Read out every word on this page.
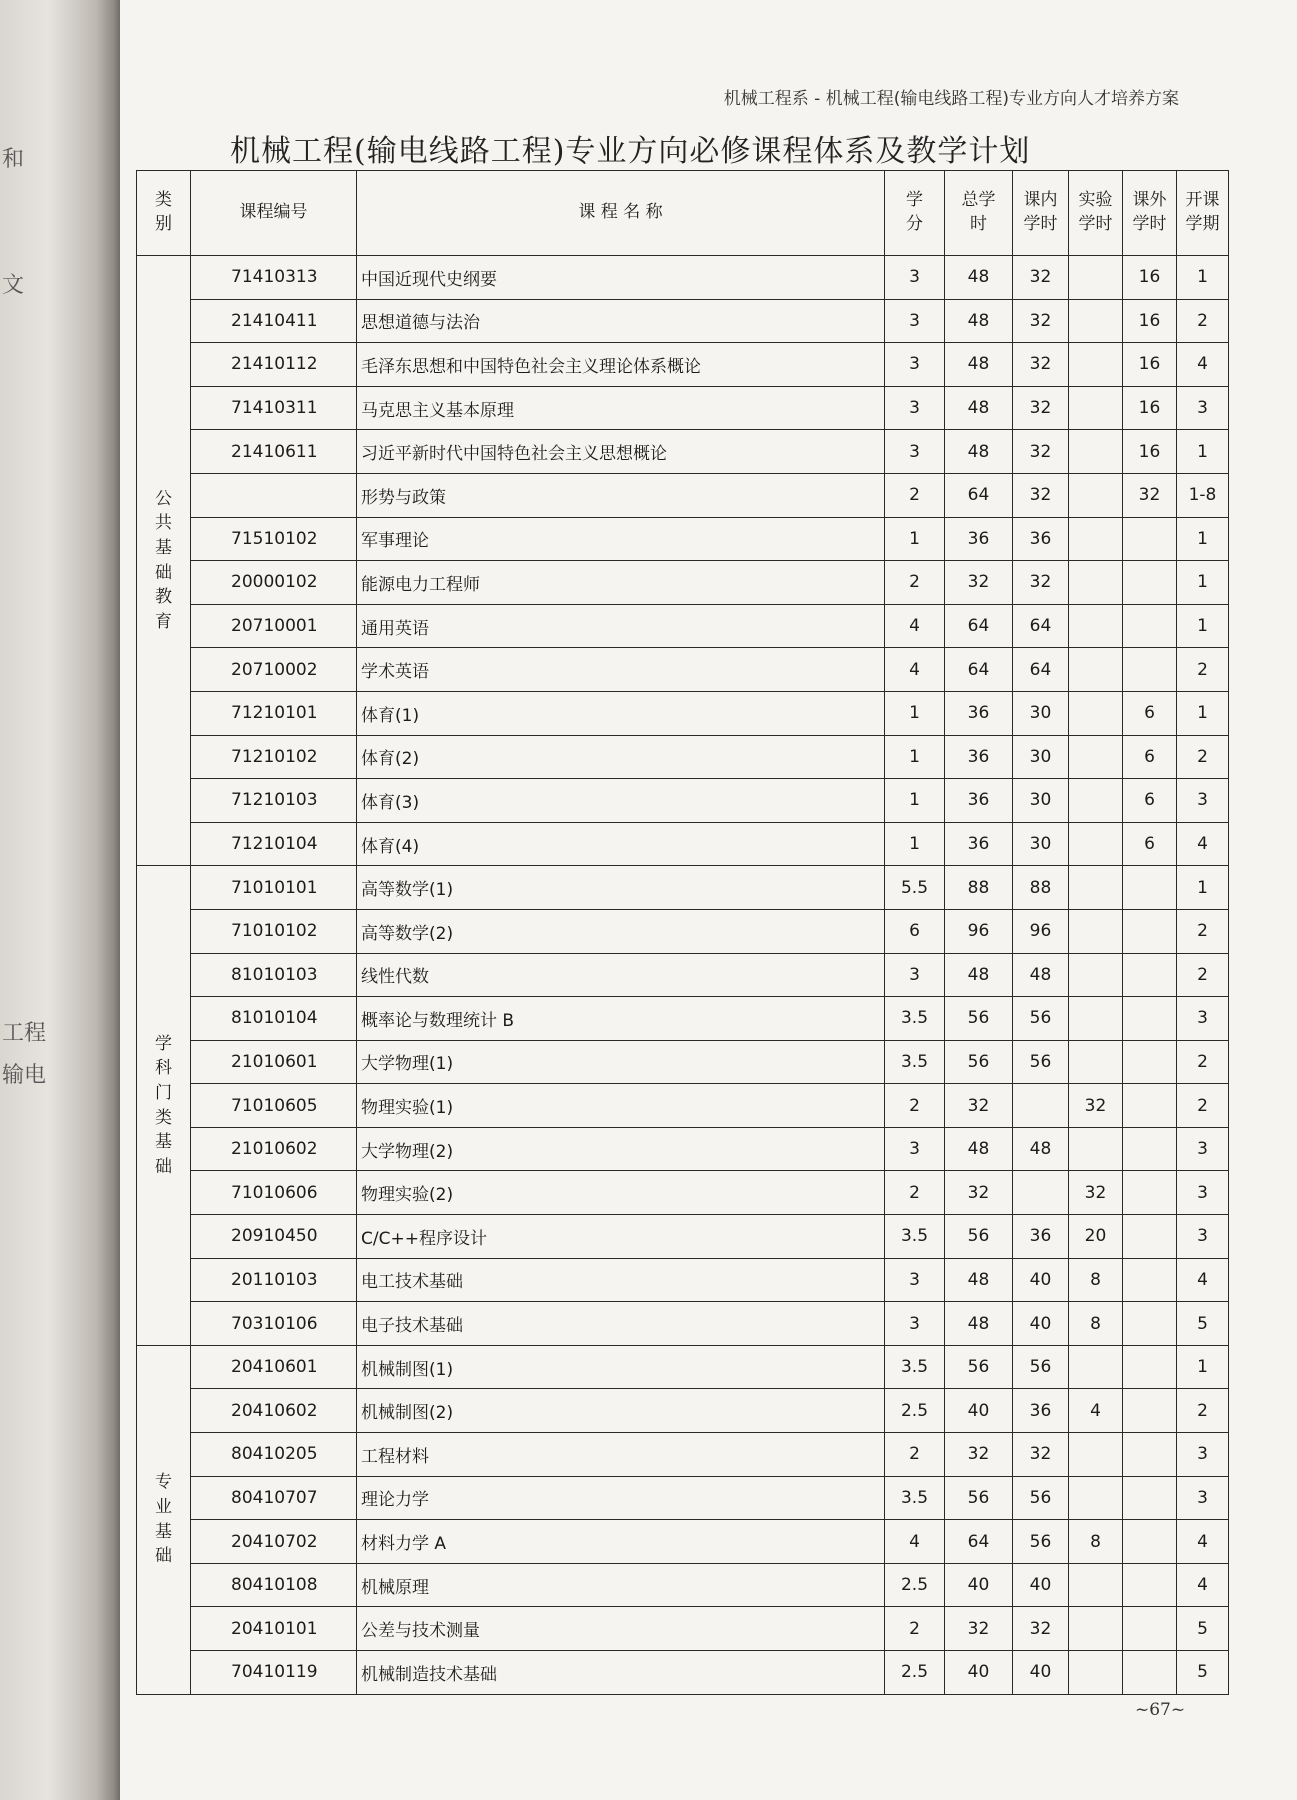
和
文
工程
输电
机械工程系 - 机械工程(输电线路工程)专业方向人才培养方案
机械工程(输电线路工程)专业方向必修课程体系及教学计划
类别	课程编号	课 程 名 称	学分	总学时	课内学时	实验学时	课外学时	开课学期
公共基础教育	71410313	中国近现代史纲要	3	48	32		16	1
	21410411	思想道德与法治	3	48	32		16	2
	21410112	毛泽东思想和中国特色社会主义理论体系概论	3	48	32		16	4
	71410311	马克思主义基本原理	3	48	32		16	3
	21410611	习近平新时代中国特色社会主义思想概论	3	48	32		16	1
		形势与政策	2	64	32		32	1-8
	71510102	军事理论	1	36	36			1
	20000102	能源电力工程师	2	32	32			1
	20710001	通用英语	4	64	64			1
	20710002	学术英语	4	64	64			2
	71210101	体育(1)	1	36	30		6	1
	71210102	体育(2)	1	36	30		6	2
	71210103	体育(3)	1	36	30		6	3
	71210104	体育(4)	1	36	30		6	4
学科门类基础	71010101	高等数学(1)	5.5	88	88			1
	71010102	高等数学(2)	6	96	96			2
	81010103	线性代数	3	48	48			2
	81010104	概率论与数理统计 B	3.5	56	56			3
	21010601	大学物理(1)	3.5	56	56			2
	71010605	物理实验(1)	2	32		32		2
	21010602	大学物理(2)	3	48	48			3
	71010606	物理实验(2)	2	32		32		3
	20910450	C/C++程序设计	3.5	56	36	20		3
	20110103	电工技术基础	3	48	40	8		4
	70310106	电子技术基础	3	48	40	8		5
专业基础	20410601	机械制图(1)	3.5	56	56			1
	20410602	机械制图(2)	2.5	40	36	4		2
	80410205	工程材料	2	32	32			3
	80410707	理论力学	3.5	56	56			3
	20410702	材料力学 A	4	64	56	8		4
	80410108	机械原理	2.5	40	40			4
	20410101	公差与技术测量	2	32	32			5
	70410119	机械制造技术基础	2.5	40	40			5
~67~
